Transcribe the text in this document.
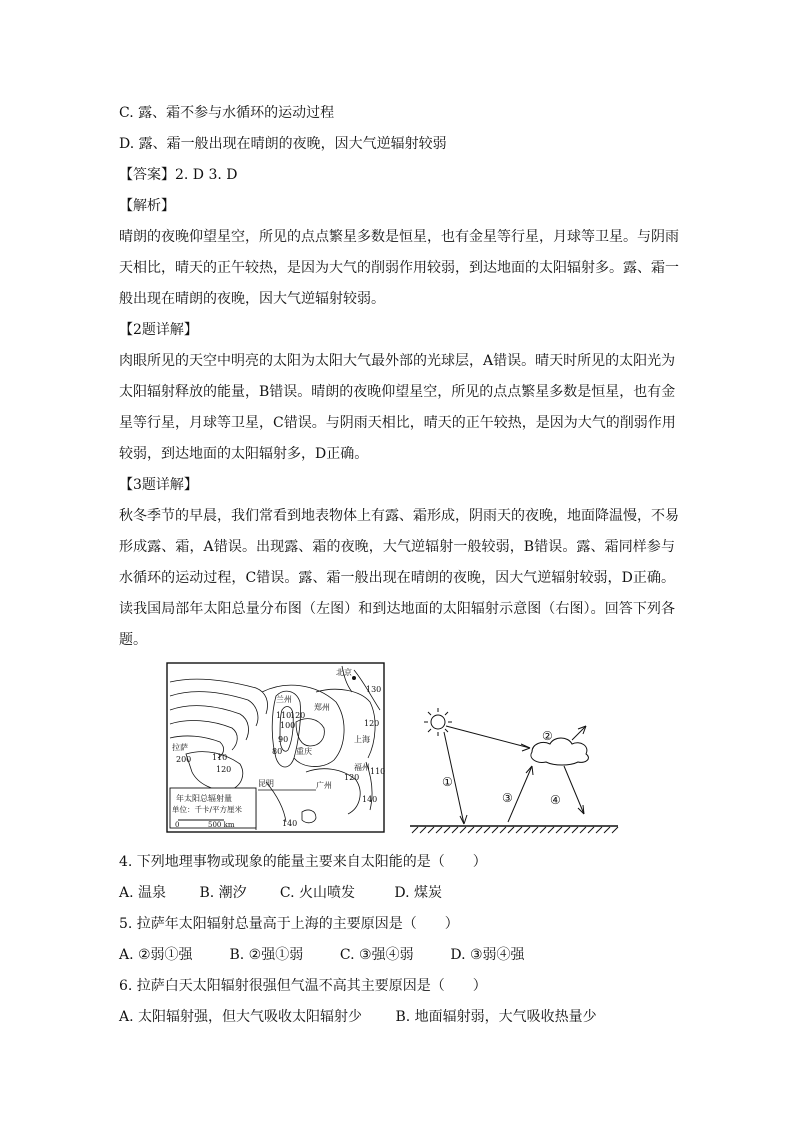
C. 露、霜不参与水循环的运动过程
D. 露、霜一般出现在晴朗的夜晚，因大气逆辐射较弱
【答案】2. D 3. D
【解析】
晴朗的夜晚仰望星空，所见的点点繁星多数是恒星，也有金星等行星，月球等卫星。与阴雨
天相比，晴天的正午较热，是因为大气的削弱作用较弱，到达地面的太阳辐射多。露、霜一
般出现在晴朗的夜晚，因大气逆辐射较弱。
【2题详解】
肉眼所见的天空中明亮的太阳为太阳大气最外部的光球层，A错误。晴天时所见的太阳光为
太阳辐射释放的能量，B错误。晴朗的夜晚仰望星空，所见的点点繁星多数是恒星，也有金
星等行星，月球等卫星，C错误。与阴雨天相比，晴天的正午较热，是因为大气的削弱作用
较弱，到达地面的太阳辐射多，D正确。
【3题详解】
秋冬季节的早晨，我们常看到地表物体上有露、霜形成，阴雨天的夜晚，地面降温慢，不易
形成露、霜，A错误。出现露、霜的夜晚，大气逆辐射一般较弱，B错误。露、霜同样参与
水循环的运动过程，C错误。露、霜一般出现在晴朗的夜晚，因大气逆辐射较弱，D正确。
读我国局部年太阳总量分布图（左图）和到达地面的太阳辐射示意图（右图）。回答下列各
题。
年太阳总辐射量
单位：千卡/平方厘米
0	500 km
北京
兰州
郑州
拉萨	重庆
上海
昆明
福州
广州
130
110
120
100
90
80
200	110
120
120
110
140
140
120	①
②
③	④
4. 下列地理事物或现象的能量主要来自太阳能的是（　　）
A. 温泉 B. 潮汐 C. 火山喷发	D. 煤炭
5. 拉萨年太阳辐射总量高于上海的主要原因是（　　）
A. ②弱①强	B. ②强①弱	C. ③强④弱	D. ③弱④强
6. 拉萨白天太阳辐射很强但气温不高其主要原因是（　　）
A. 太阳辐射强，但大气吸收太阳辐射少 B. 地面辐射弱，大气吸收热量少
